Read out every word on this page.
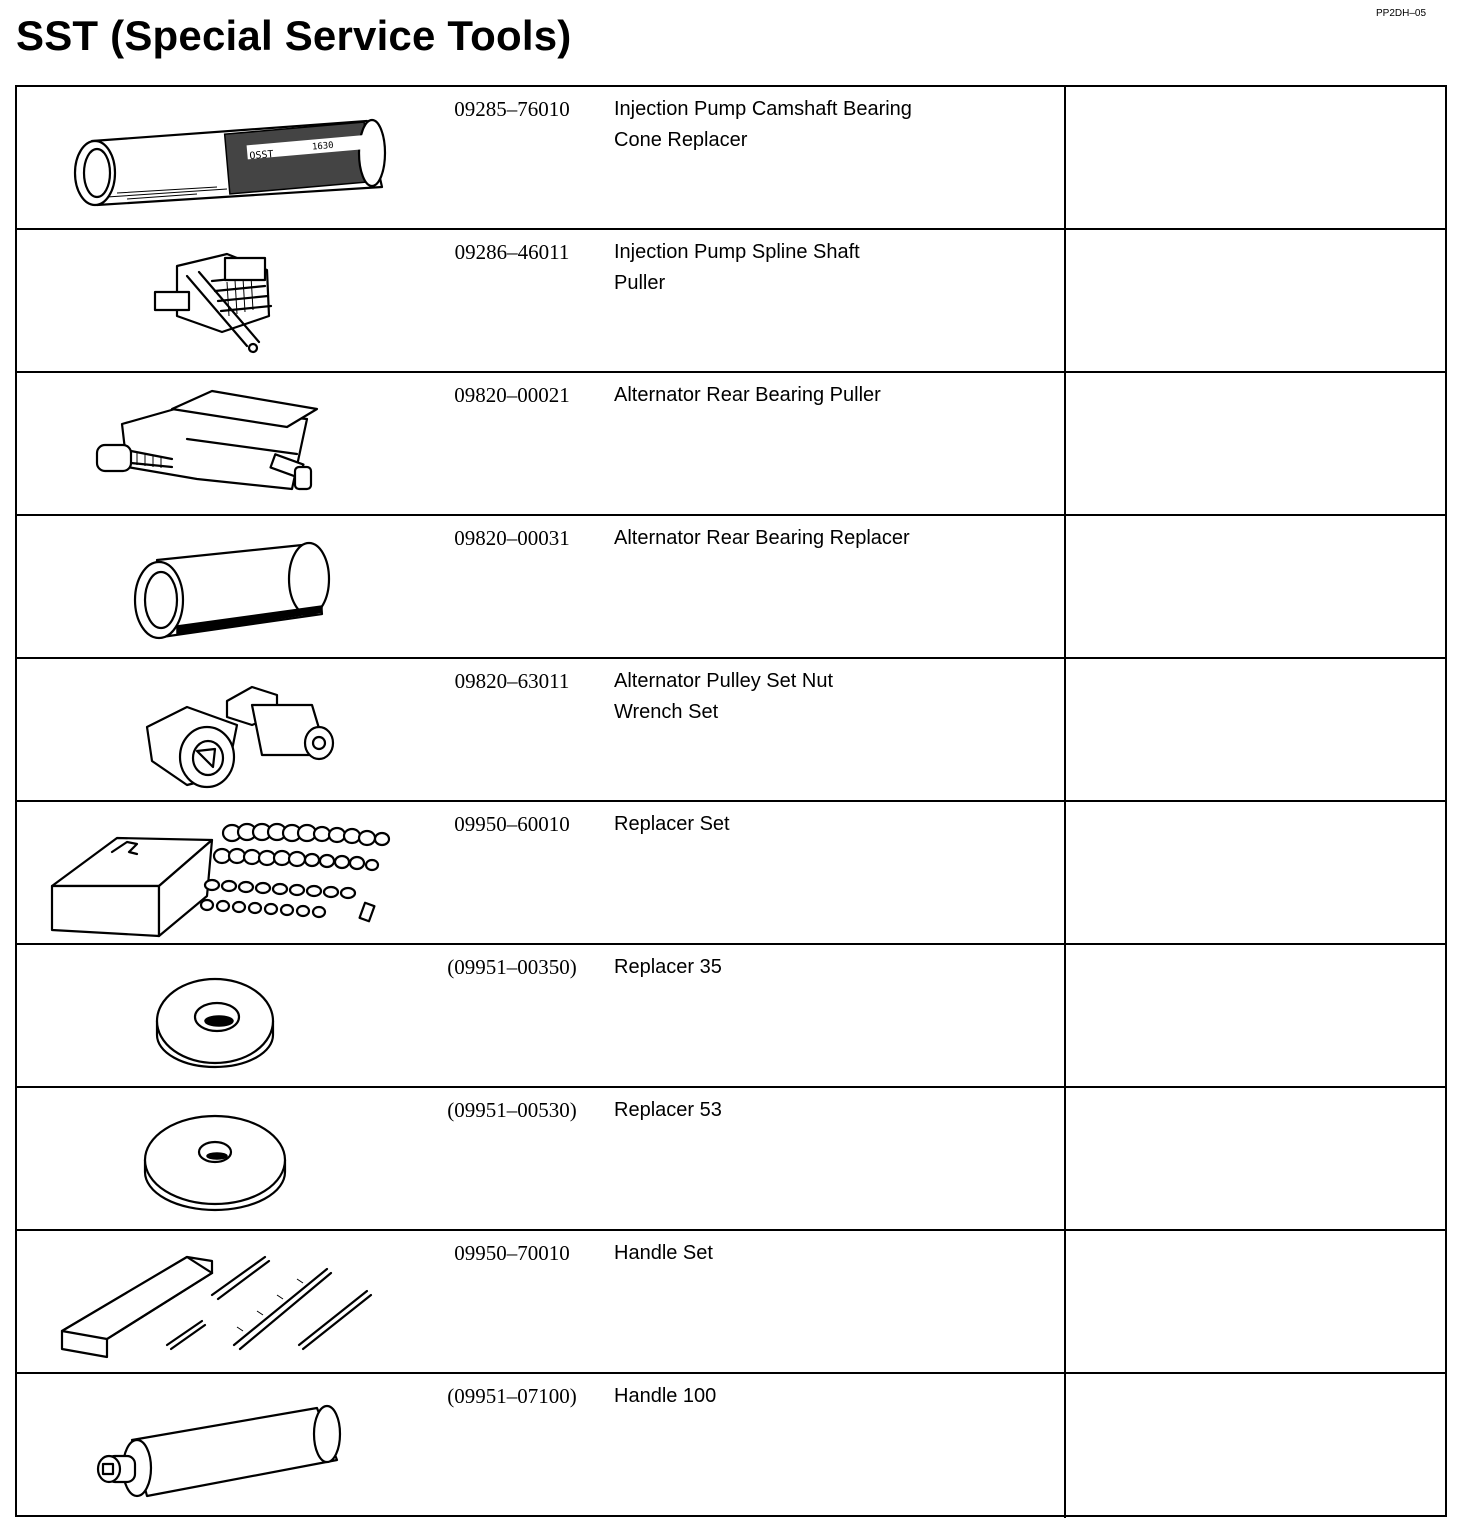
PP2DH–05
SST (Special Service Tools)
OSST
1630
09285–76010	Injection Pump Camshaft Bearing
Cone Replacer
09286–46011	Injection Pump Spline Shaft
Puller
09820–00021	Alternator Rear Bearing Puller
09820–00031	Alternator Rear Bearing Replacer
09820–63011	Alternator Pulley Set Nut
Wrench Set
09950–60010	Replacer Set
(09951–00350)	Replacer 35
(09951–00530)	Replacer 53
09950–70010	Handle Set
(09951–07100)	Handle 100
